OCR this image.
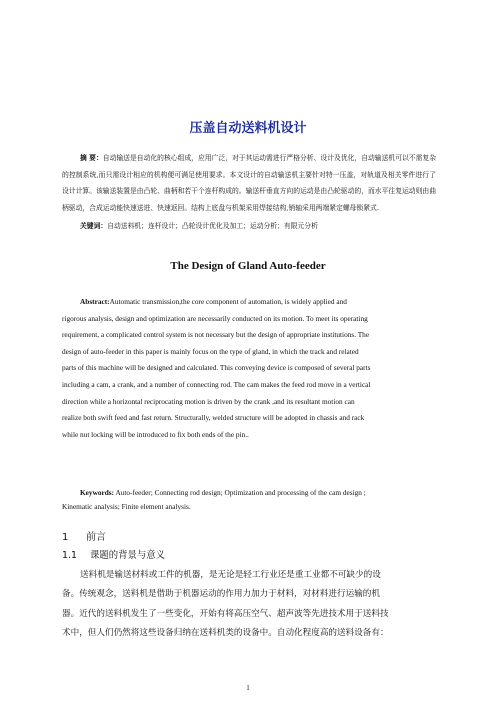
压盖自动送料机设计
摘 要：自动输送是自动化的核心组成，应用广泛，对于其运动需进行严格分析、设计及优化，自动输送机可以不需复杂的控制系统,而只需设计相应的机构便可满足使用要求。本文设计的自动输送机主要针对特一压盖，对轨道及相关零件进行了设计计算。该输送装置是由凸轮、曲柄和若干个连杆构成的。输送杆垂直方向的运动是由凸轮驱动的，而水平往复运动则由曲柄驱动，合成运动能快速送进、快速返回。结构上底盘与机架采用焊接结构,销轴采用两端紧定螺母锁紧式.
关键词：自动送料机；连杆设计；凸轮设计优化及加工；运动分析；有限元分析
The Design of Gland Auto-feeder
Abstract:Automatic transmission,the core component of automation, is widely applied and
rigorous analysis, design and optimization are necessarily conducted on its motion. To meet its operating
requirement, a complicated control system is not necessary but the design of appropriate institutions. The
design of auto-feeder in this paper is mainly focus on the type of gland, in which the track and related
parts of this machine will be designed and calculated. This conveying device is composed of several parts
including a cam, a crank, and a number of connecting rod. The cam makes the feed rod move in a vertical
direction while a horizontal reciprocating motion is driven by the crank ,and its resultant motion can
realize both swift feed and fast return. Structurally, welded structure will be adopted in chassis and rack
while nut locking will be introduced to fix both ends of the pin..
Keywords: Auto-feeder; Connecting rod design; Optimization and processing of the cam design ;
Kinematic analysis; Finite element analysis.
1 前言
1.1 课题的背景与意义
送料机是输送材料或工件的机器，是无论是轻工行业还是重工业都不可缺少的设
备。传统观念，送料机是借助于机器运动的作用力加力于材料，对材料进行运输的机
器。近代的送料机发生了一些变化，开始有将高压空气、超声波等先进技术用于送料技
术中，但人们仍然将这些设备归纳在送料机类的设备中。自动化程度高的送料设备有：
1
